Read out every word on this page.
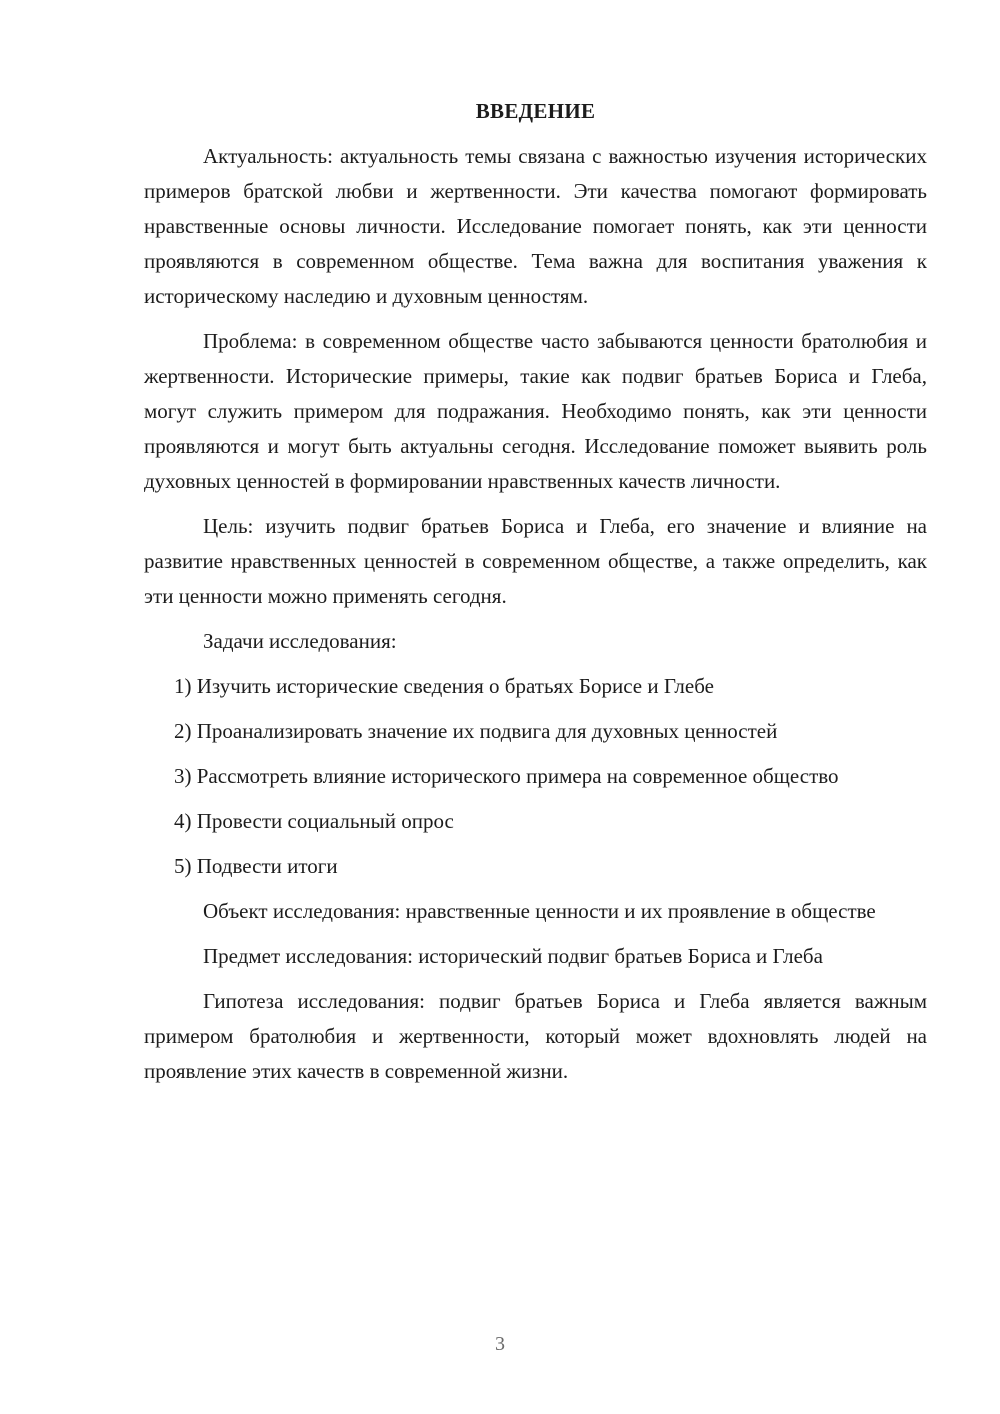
ВВЕДЕНИЕ

Актуальность: актуальность темы связана с важностью изучения исторических примеров братской любви и жертвенности. Эти качества помогают формировать нравственные основы личности. Исследование помогает понять, как эти ценности проявляются в современном обществе. Тема важна для воспитания уважения к историческому наследию и духовным ценностям.

Проблема: в современном обществе часто забываются ценности братолюбия и жертвенности. Исторические примеры, такие как подвиг братьев Бориса и Глеба, могут служить примером для подражания. Необходимо понять, как эти ценности проявляются и могут быть актуальны сегодня. Исследование поможет выявить роль духовных ценностей в формировании нравственных качеств личности.

Цель: изучить подвиг братьев Бориса и Глеба, его значение и влияние на развитие нравственных ценностей в современном обществе, а также определить, как эти ценности можно применять сегодня.

Задачи исследования:

1) Изучить исторические сведения о братьях Борисе и Глебе

2) Проанализировать значение их подвига для духовных ценностей

3) Рассмотреть влияние исторического примера на современное общество

4) Провести социальный опрос

5) Подвести итоги

Объект исследования: нравственные ценности и их проявление в обществе

Предмет исследования: исторический подвиг братьев Бориса и Глеба

Гипотеза исследования: подвиг братьев Бориса и Глеба является важным примером братолюбия и жертвенности, который может вдохновлять людей на проявление этих качеств в современной жизни.

3
